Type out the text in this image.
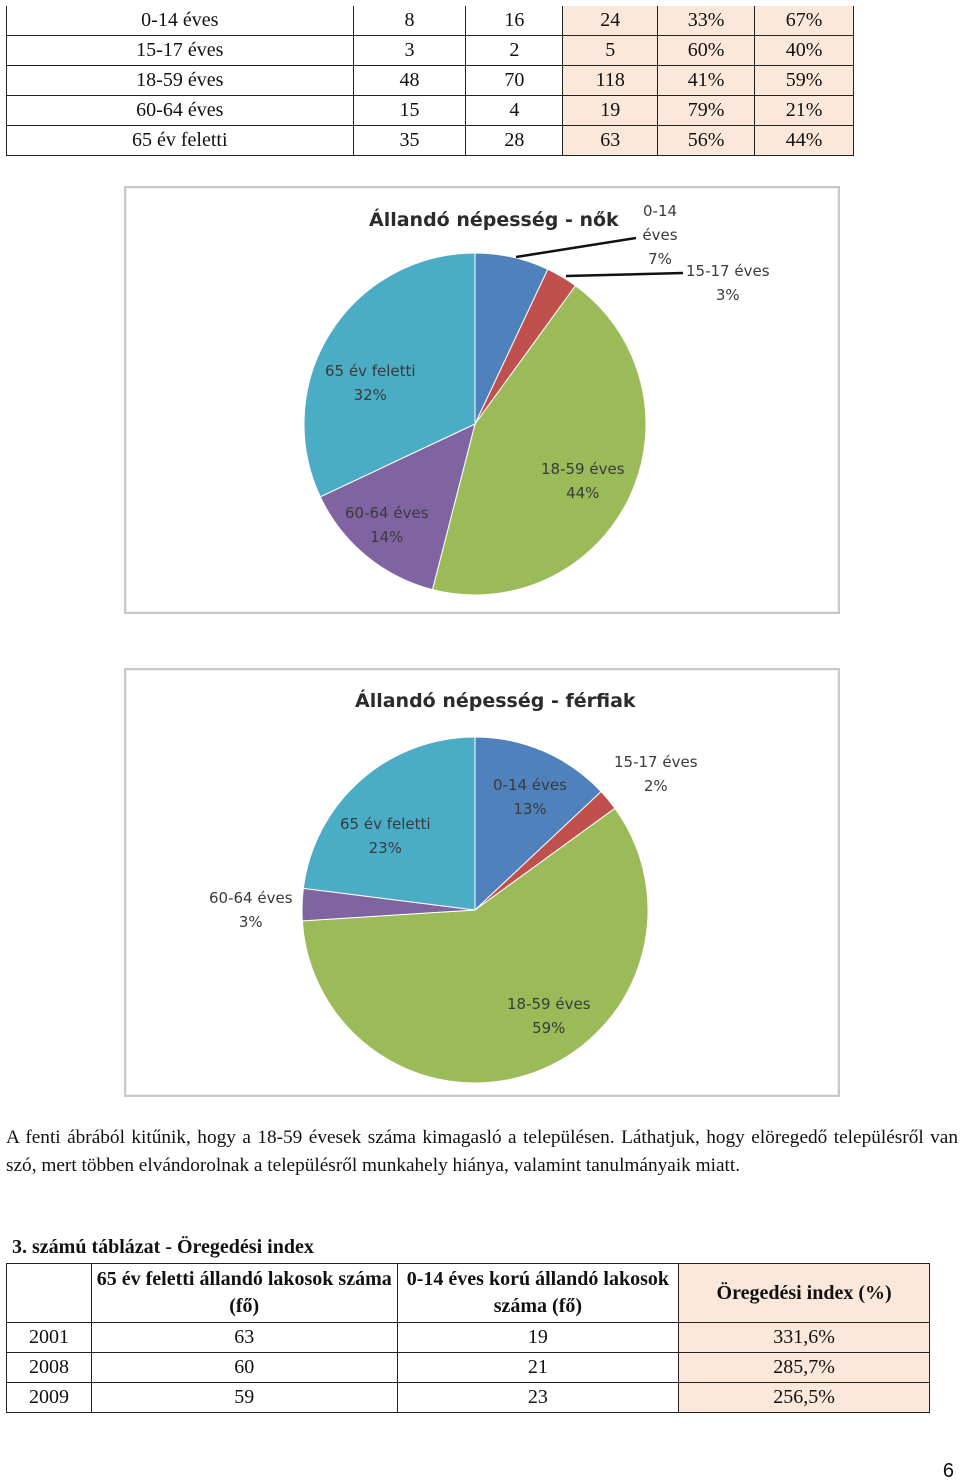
0-14 éves	8	16	24	33%	67%
15-17 éves	3	2	5	60%	40%
18-59 éves	48	70	118	41%	59%
60-64 éves	15	4	19	79%	21%
65 év feletti	35	28	63	56%	44%
0-14 éves 7%
15-17 éves 3%
18-59 éves 44%
60-64 éves 14%
65 év feletti 32%
Állandó népesség - nők
0-14 éves 13%
15-17 éves 2%
18-59 éves 59%
60-64 éves 3%
65 év feletti 23%
Állandó népesség - férfiak

A fenti ábrából kitűnik, hogy a 18-59 évesek száma kimagasló a településen. Láthatjuk, hogy elöregedő településről van szó, mert többen elvándorolnak a településről munkahely hiánya, valamint tanulmányaik miatt.

3. számú táblázat - Öregedési index

	65 év feletti állandó lakosok száma (fő)	0-14 éves korú állandó lakosok száma (fő)	Öregedési index (%)
2001	63	19	331,6%
2008	60	21	285,7%
2009	59	23	256,5%
6
